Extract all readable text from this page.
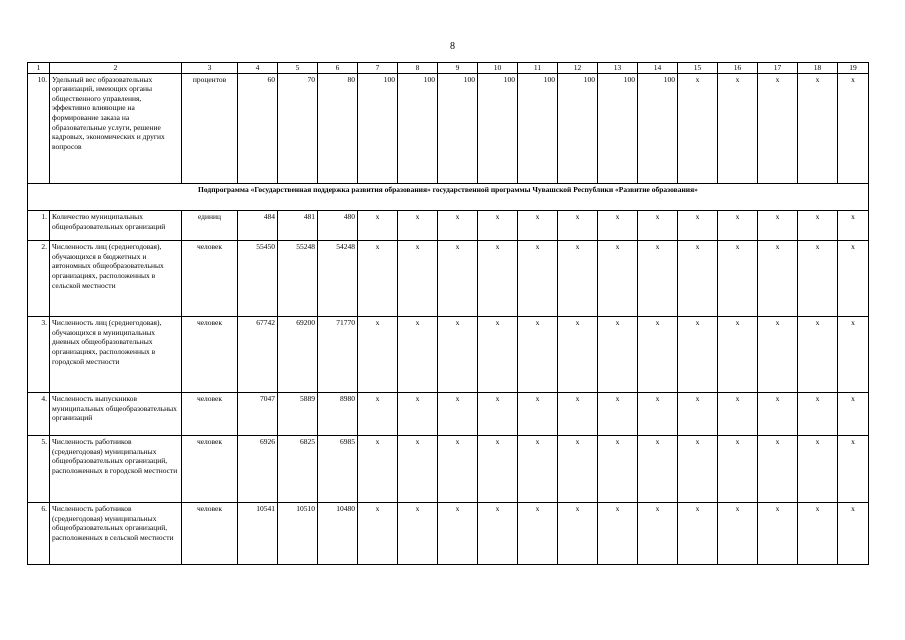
8
1	2	3	4	5	6	7	8	9	10	11	12	13	14	15	16	17	18	19
10.	Удельный вес образовательных организаций, имеющих органы общественного управления, эффективно влияющие на формирование заказа на образовательные услуги, решение кадровых, экономических и других вопросов	процентов	60	70	80	100	100	100	100	100	100	100	100	x	x	x	x	x
Подпрограмма «Государственная поддержка развития образования» государственной программы Чувашской Республики «Развитие образования»																		

1.	Количество муниципальных общеобразовательных организаций	единиц	484	481	480	x	x	x	x	x	x	x	x	x	x	x	x	x
2.	Численность лиц (среднегодовая), обучающихся в бюджетных и автономных общеобразовательных организациях, расположенных в сельской местности	человек	55450	55248	54248	x	x	x	x	x	x	x	x	x	x	x	x	x
3.	Численность лиц (среднегодовая), обучающихся в муниципальных дневных общеобразовательных организациях, расположенных в городской местности	человек	67742	69200	71770	x	x	x	x	x	x	x	x	x	x	x	x	x
4.	Численность выпускников муниципальных общеобразовательных организаций	человек	7047	5889	8980	x	x	x	x	x	x	x	x	x	x	x	x	x
5.	Численность работников (среднегодовая) муниципальных общеобразовательных организаций, расположенных в городской местности	человек	6926	6825	6985	x	x	x	x	x	x	x	x	x	x	x	x	x
6.	Численность работников (среднегодовая) муниципальных общеобразовательных организаций, расположенных в сельской местности	человек	10541	10510	10480	x	x	x	x	x	x	x	x	x	x	x	x	x
